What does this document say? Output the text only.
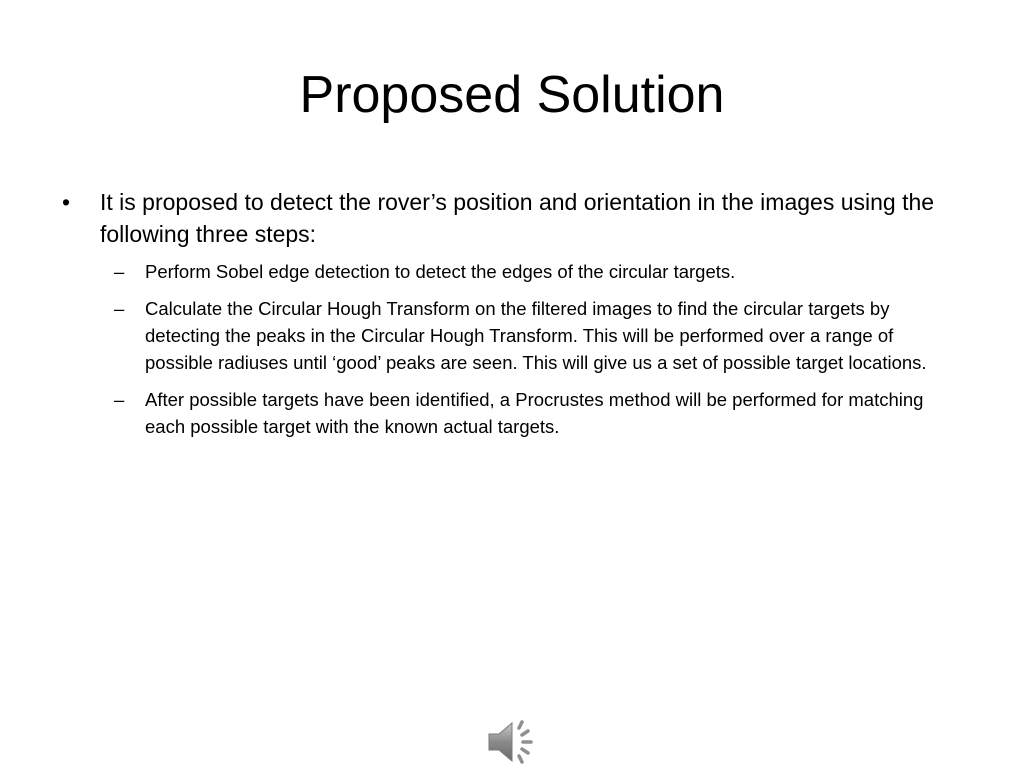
Proposed Solution
• It is proposed to detect the rover’s position and orientation in the images using the following three steps:
– Perform Sobel edge detection to detect the edges of the circular targets.
– Calculate the Circular Hough Transform on the filtered images to find the circular targets by detecting the peaks in the Circular Hough Transform. This will be performed over a range of possible radiuses until ‘good’ peaks are seen. This will give us a set of possible target locations.
– After possible targets have been identified, a Procrustes method will be performed for matching each possible target with the known actual targets.
